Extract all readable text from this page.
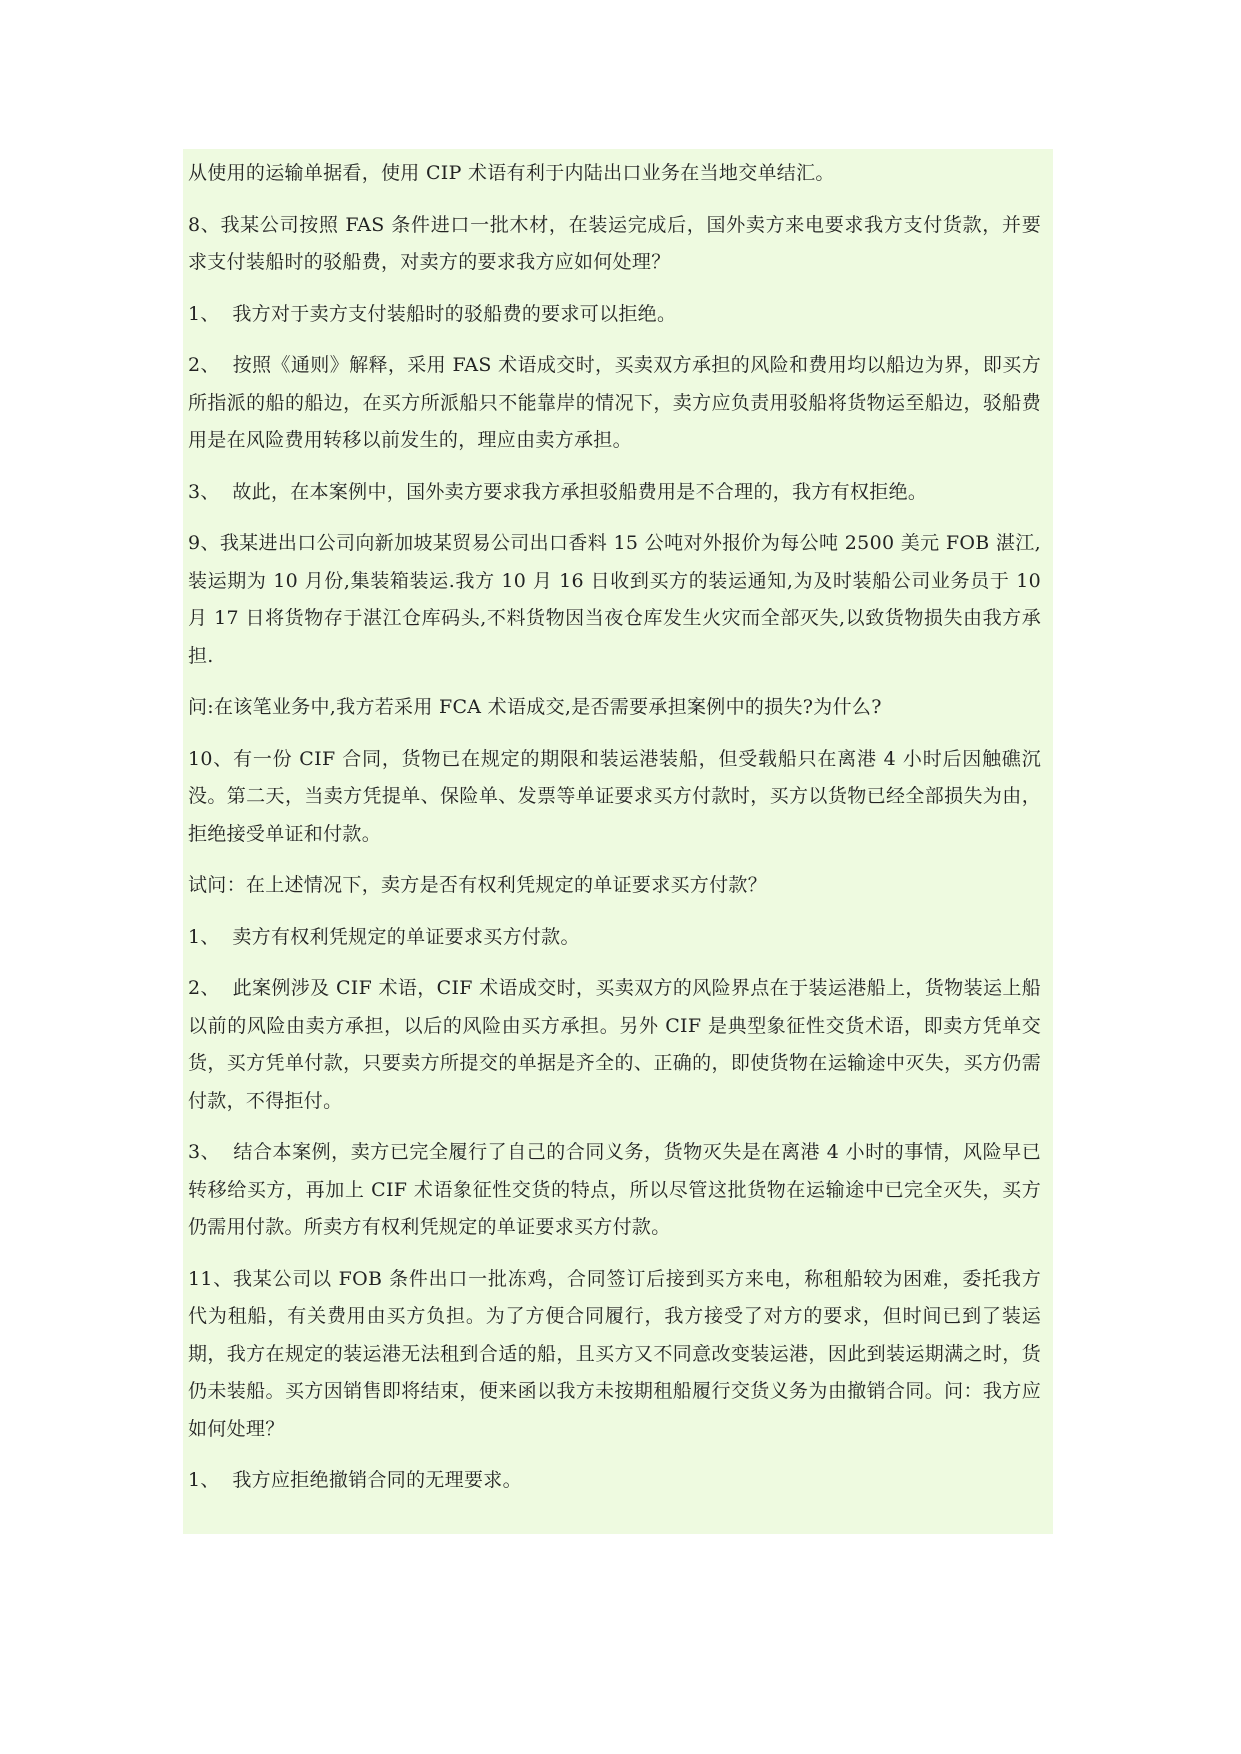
从使用的运输单据看，使用 CIP 术语有利于内陆出口业务在当地交单结汇。

8、我某公司按照 FAS 条件进口一批木材，在装运完成后，国外卖方来电要求我方支付货款，并要求支付装船时的驳船费，对卖方的要求我方应如何处理？

1、  我方对于卖方支付装船时的驳船费的要求可以拒绝。

2、  按照《通则》解释，采用 FAS 术语成交时，买卖双方承担的风险和费用均以船边为界，即买方所指派的船的船边，在买方所派船只不能靠岸的情况下，卖方应负责用驳船将货物运至船边，驳船费用是在风险费用转移以前发生的，理应由卖方承担。

3、  故此，在本案例中，国外卖方要求我方承担驳船费用是不合理的，我方有权拒绝。

9、我某进出口公司向新加坡某贸易公司出口香料 15 公吨对外报价为每公吨 2500 美元 FOB 湛江,装运期为 10 月份,集装箱装运.我方 10 月 16 日收到买方的装运通知,为及时装船公司业务员于 10 月 17 日将货物存于湛江仓库码头,不料货物因当夜仓库发生火灾而全部灭失,以致货物损失由我方承担.

问:在该笔业务中,我方若采用 FCA 术语成交,是否需要承担案例中的损失?为什么?

10、有一份 CIF 合同，货物已在规定的期限和装运港装船，但受载船只在离港 4 小时后因触礁沉没。第二天，当卖方凭提单、保险单、发票等单证要求买方付款时，买方以货物已经全部损失为由，拒绝接受单证和付款。

试问：在上述情况下，卖方是否有权利凭规定的单证要求买方付款？

1、  卖方有权利凭规定的单证要求买方付款。

2、  此案例涉及 CIF 术语，CIF 术语成交时，买卖双方的风险界点在于装运港船上，货物装运上船以前的风险由卖方承担，以后的风险由买方承担。另外 CIF 是典型象征性交货术语，即卖方凭单交货，买方凭单付款，只要卖方所提交的单据是齐全的、正确的，即使货物在运输途中灭失，买方仍需付款，不得拒付。

3、  结合本案例，卖方已完全履行了自己的合同义务，货物灭失是在离港 4 小时的事情，风险早已转移给买方，再加上 CIF 术语象征性交货的特点，所以尽管这批货物在运输途中已完全灭失，买方仍需用付款。所卖方有权利凭规定的单证要求买方付款。

11、我某公司以 FOB 条件出口一批冻鸡，合同签订后接到买方来电，称租船较为困难，委托我方代为租船，有关费用由买方负担。为了方便合同履行，我方接受了对方的要求，但时间已到了装运期，我方在规定的装运港无法租到合适的船，且买方又不同意改变装运港，因此到装运期满之时，货仍未装船。买方因销售即将结束，便来函以我方未按期租船履行交货义务为由撤销合同。问：我方应如何处理？

1、  我方应拒绝撤销合同的无理要求。
